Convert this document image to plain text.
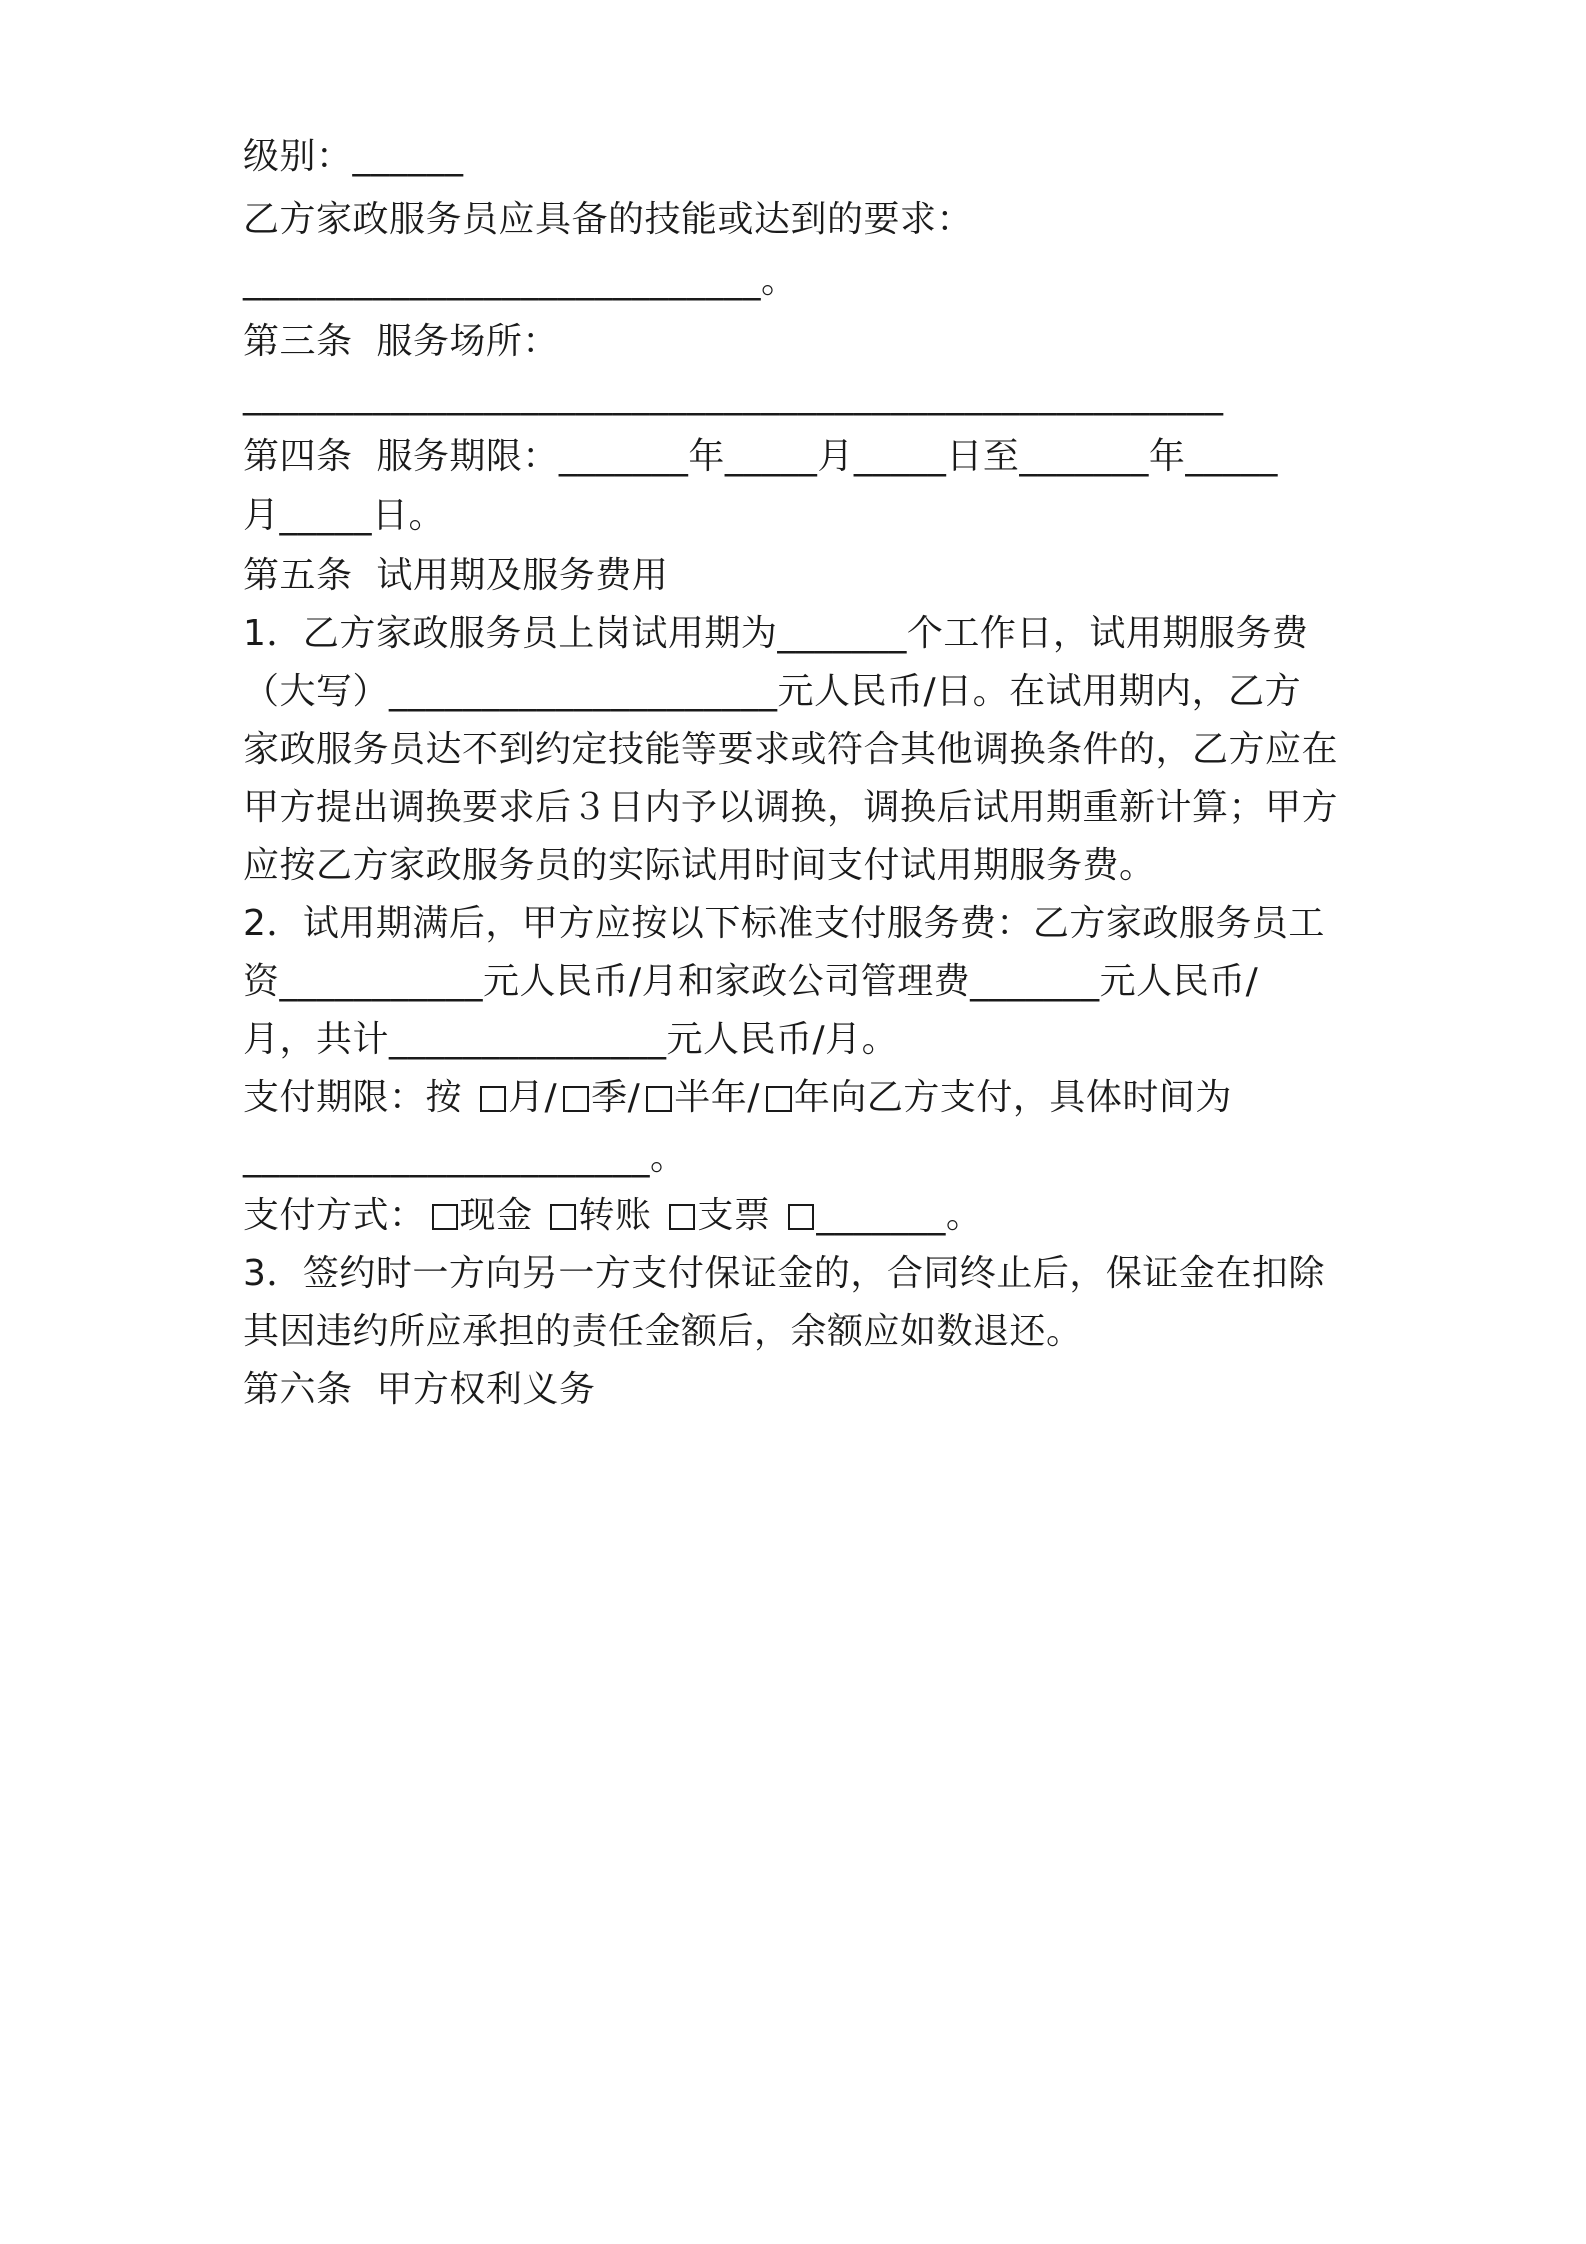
级别：______

乙方家政服务员应具备的技能或达到的要求：

____________________________。

第三条  服务场所：

_____________________________________________________

第四条  服务期限：_______年_____月_____日至_______年_____

月_____日。

第五条  试用期及服务费用

1．乙方家政服务员上岗试用期为_______个工作日，试用期服务费

（大写）_____________________元人民币/日。在试用期内，乙方

家政服务员达不到约定技能等要求或符合其他调换条件的，乙方应在

甲方提出调换要求后３日内予以调换，调换后试用期重新计算；甲方

应按乙方家政服务员的实际试用时间支付试用期服务费。

2．试用期满后，甲方应按以下标准支付服务费：乙方家政服务员工

资___________元人民币/月和家政公司管理费_______元人民币/

月，共计_______________元人民币/月。

支付期限：按 月/ 季/ 半年/ 年向乙方支付，具体时间为

______________________。

支付方式： 现金 转账 支票 _______。

3．签约时一方向另一方支付保证金的，合同终止后，保证金在扣除

其因违约所应承担的责任金额后，余额应如数退还。

第六条  甲方权利义务
